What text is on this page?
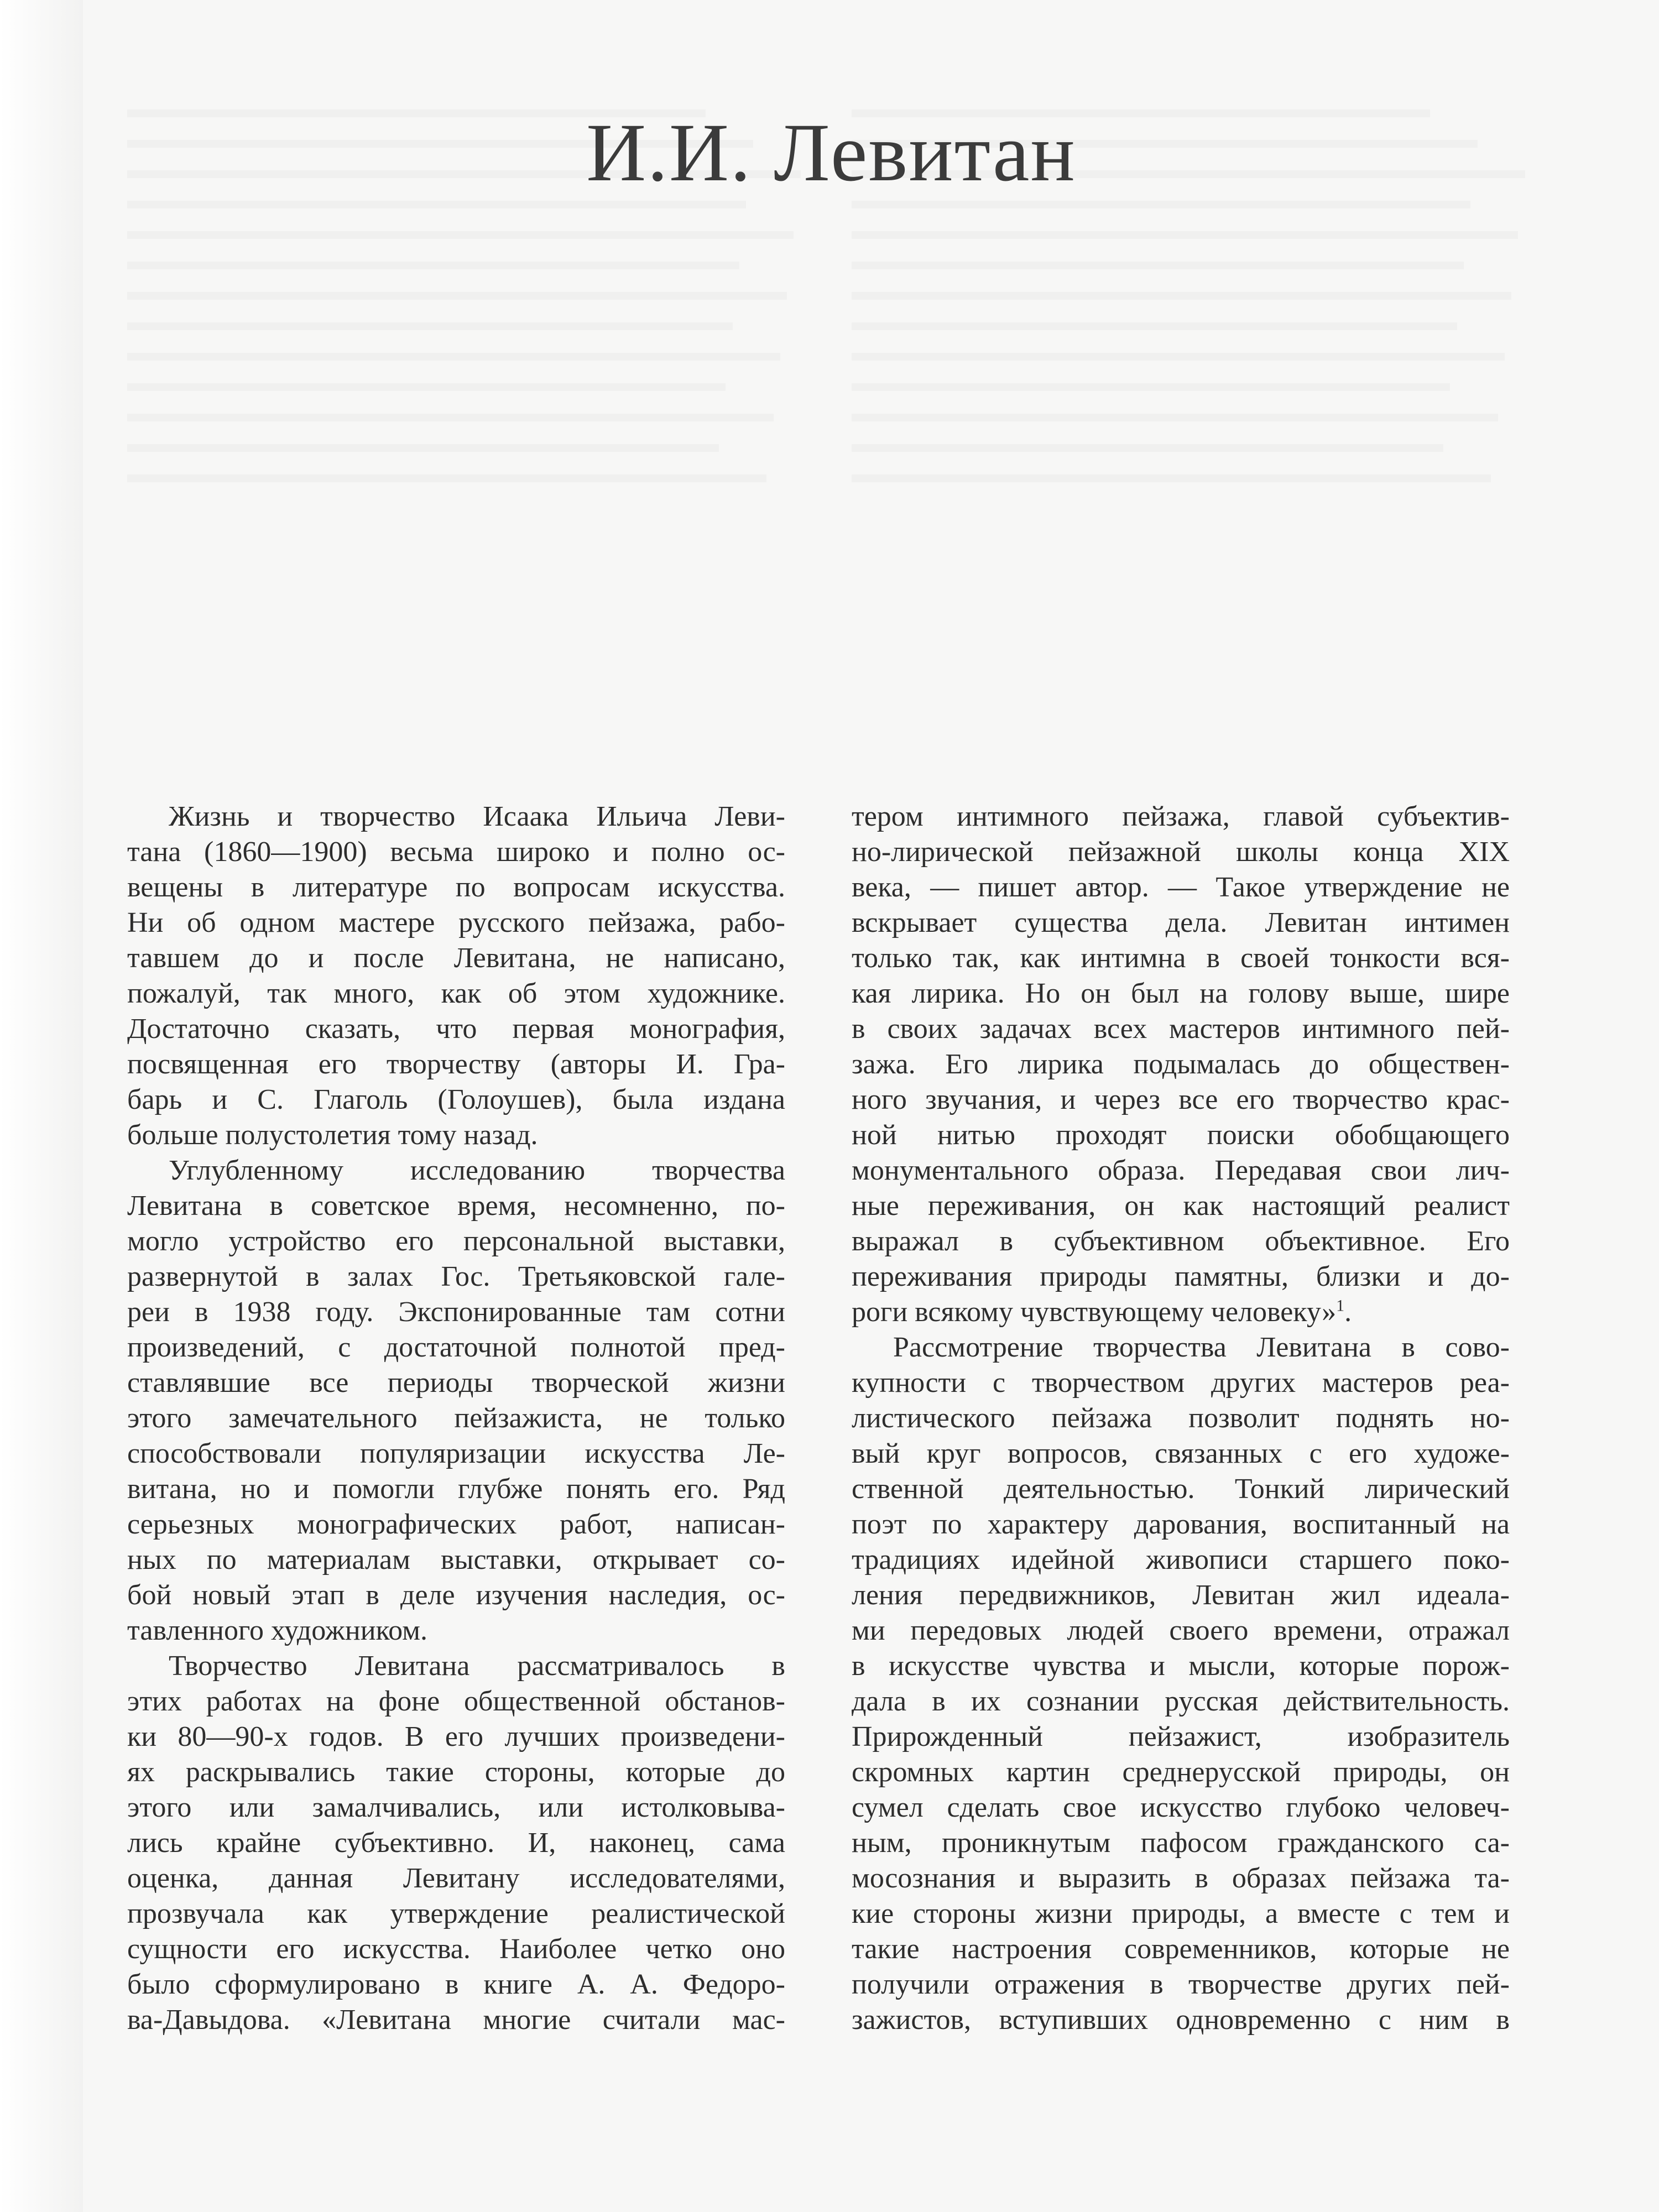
И.И. Левитан
Жизнь и творчество Исаака Ильича Леви-
тана (1860—1900) весьма широко и полно ос-
вещены в литературе по вопросам искусства.
Ни об одном мастере русского пейзажа, рабо-
тавшем до и после Левитана, не написано,
пожалуй, так много, как об этом художнике.
Достаточно сказать, что первая монография,
посвященная его творчеству (авторы И. Гра-
барь и С. Глаголь (Голоушев), была издана
больше полустолетия тому назад.
Углубленному исследованию творчества
Левитана в советское время, несомненно, по-
могло устройство его персональной выставки,
развернутой в залах Гос. Третьяковской гале-
реи в 1938 году. Экспонированные там сотни
произведений, с достаточной полнотой пред-
ставлявшие все периоды творческой жизни
этого замечательного пейзажиста, не только
способствовали популяризации искусства Ле-
витана, но и помогли глубже понять его. Ряд
серьезных монографических работ, написан-
ных по материалам выставки, открывает со-
бой новый этап в деле изучения наследия, ос-
тавленного художником.
Творчество Левитана рассматривалось в
этих работах на фоне общественной обстанов-
ки 80—90-х годов. В его лучших произведени-
ях раскрывались такие стороны, которые до
этого или замалчивались, или истолковыва-
лись крайне субъективно. И, наконец, сама
оценка, данная Левитану исследователями,
прозвучала как утверждение реалистической
сущности его искусства. Наиболее четко оно
было сформулировано в книге А. А. Федоро-
ва-Давыдова. «Левитана многие считали мас-
тером интимного пейзажа, главой субъектив-
но-лирической пейзажной школы конца XIX
века, — пишет автор. — Такое утверждение не
вскрывает существа дела. Левитан интимен
только так, как интимна в своей тонкости вся-
кая лирика. Но он был на голову выше, шире
в своих задачах всех мастеров интимного пей-
зажа. Его лирика подымалась до обществен-
ного звучания, и через все его творчество крас-
ной нитью проходят поиски обобщающего
монументального образа. Передавая свои лич-
ные переживания, он как настоящий реалист
выражал в субъективном объективное. Его
переживания природы памятны, близки и до-
роги всякому чувствующему человеку»$^1$.
Рассмотрение творчества Левитана в сово-
купности с творчеством других мастеров реа-
листического пейзажа позволит поднять но-
вый круг вопросов, связанных с его художе-
ственной деятельностью. Тонкий лирический
поэт по характеру дарования, воспитанный на
традициях идейной живописи старшего поко-
ления передвижников, Левитан жил идеала-
ми передовых людей своего времени, отражал
в искусстве чувства и мысли, которые порож-
дала в их сознании русская действительность.
Прирожденный пейзажист, изобразитель
скромных картин среднерусской природы, он
сумел сделать свое искусство глубоко человеч-
ным, проникнутым пафосом гражданского са-
мосознания и выразить в образах пейзажа та-
кие стороны жизни природы, а вместе с тем и
такие настроения современников, которые не
получили отражения в творчестве других пей-
зажистов, вступивших одновременно с ним в
